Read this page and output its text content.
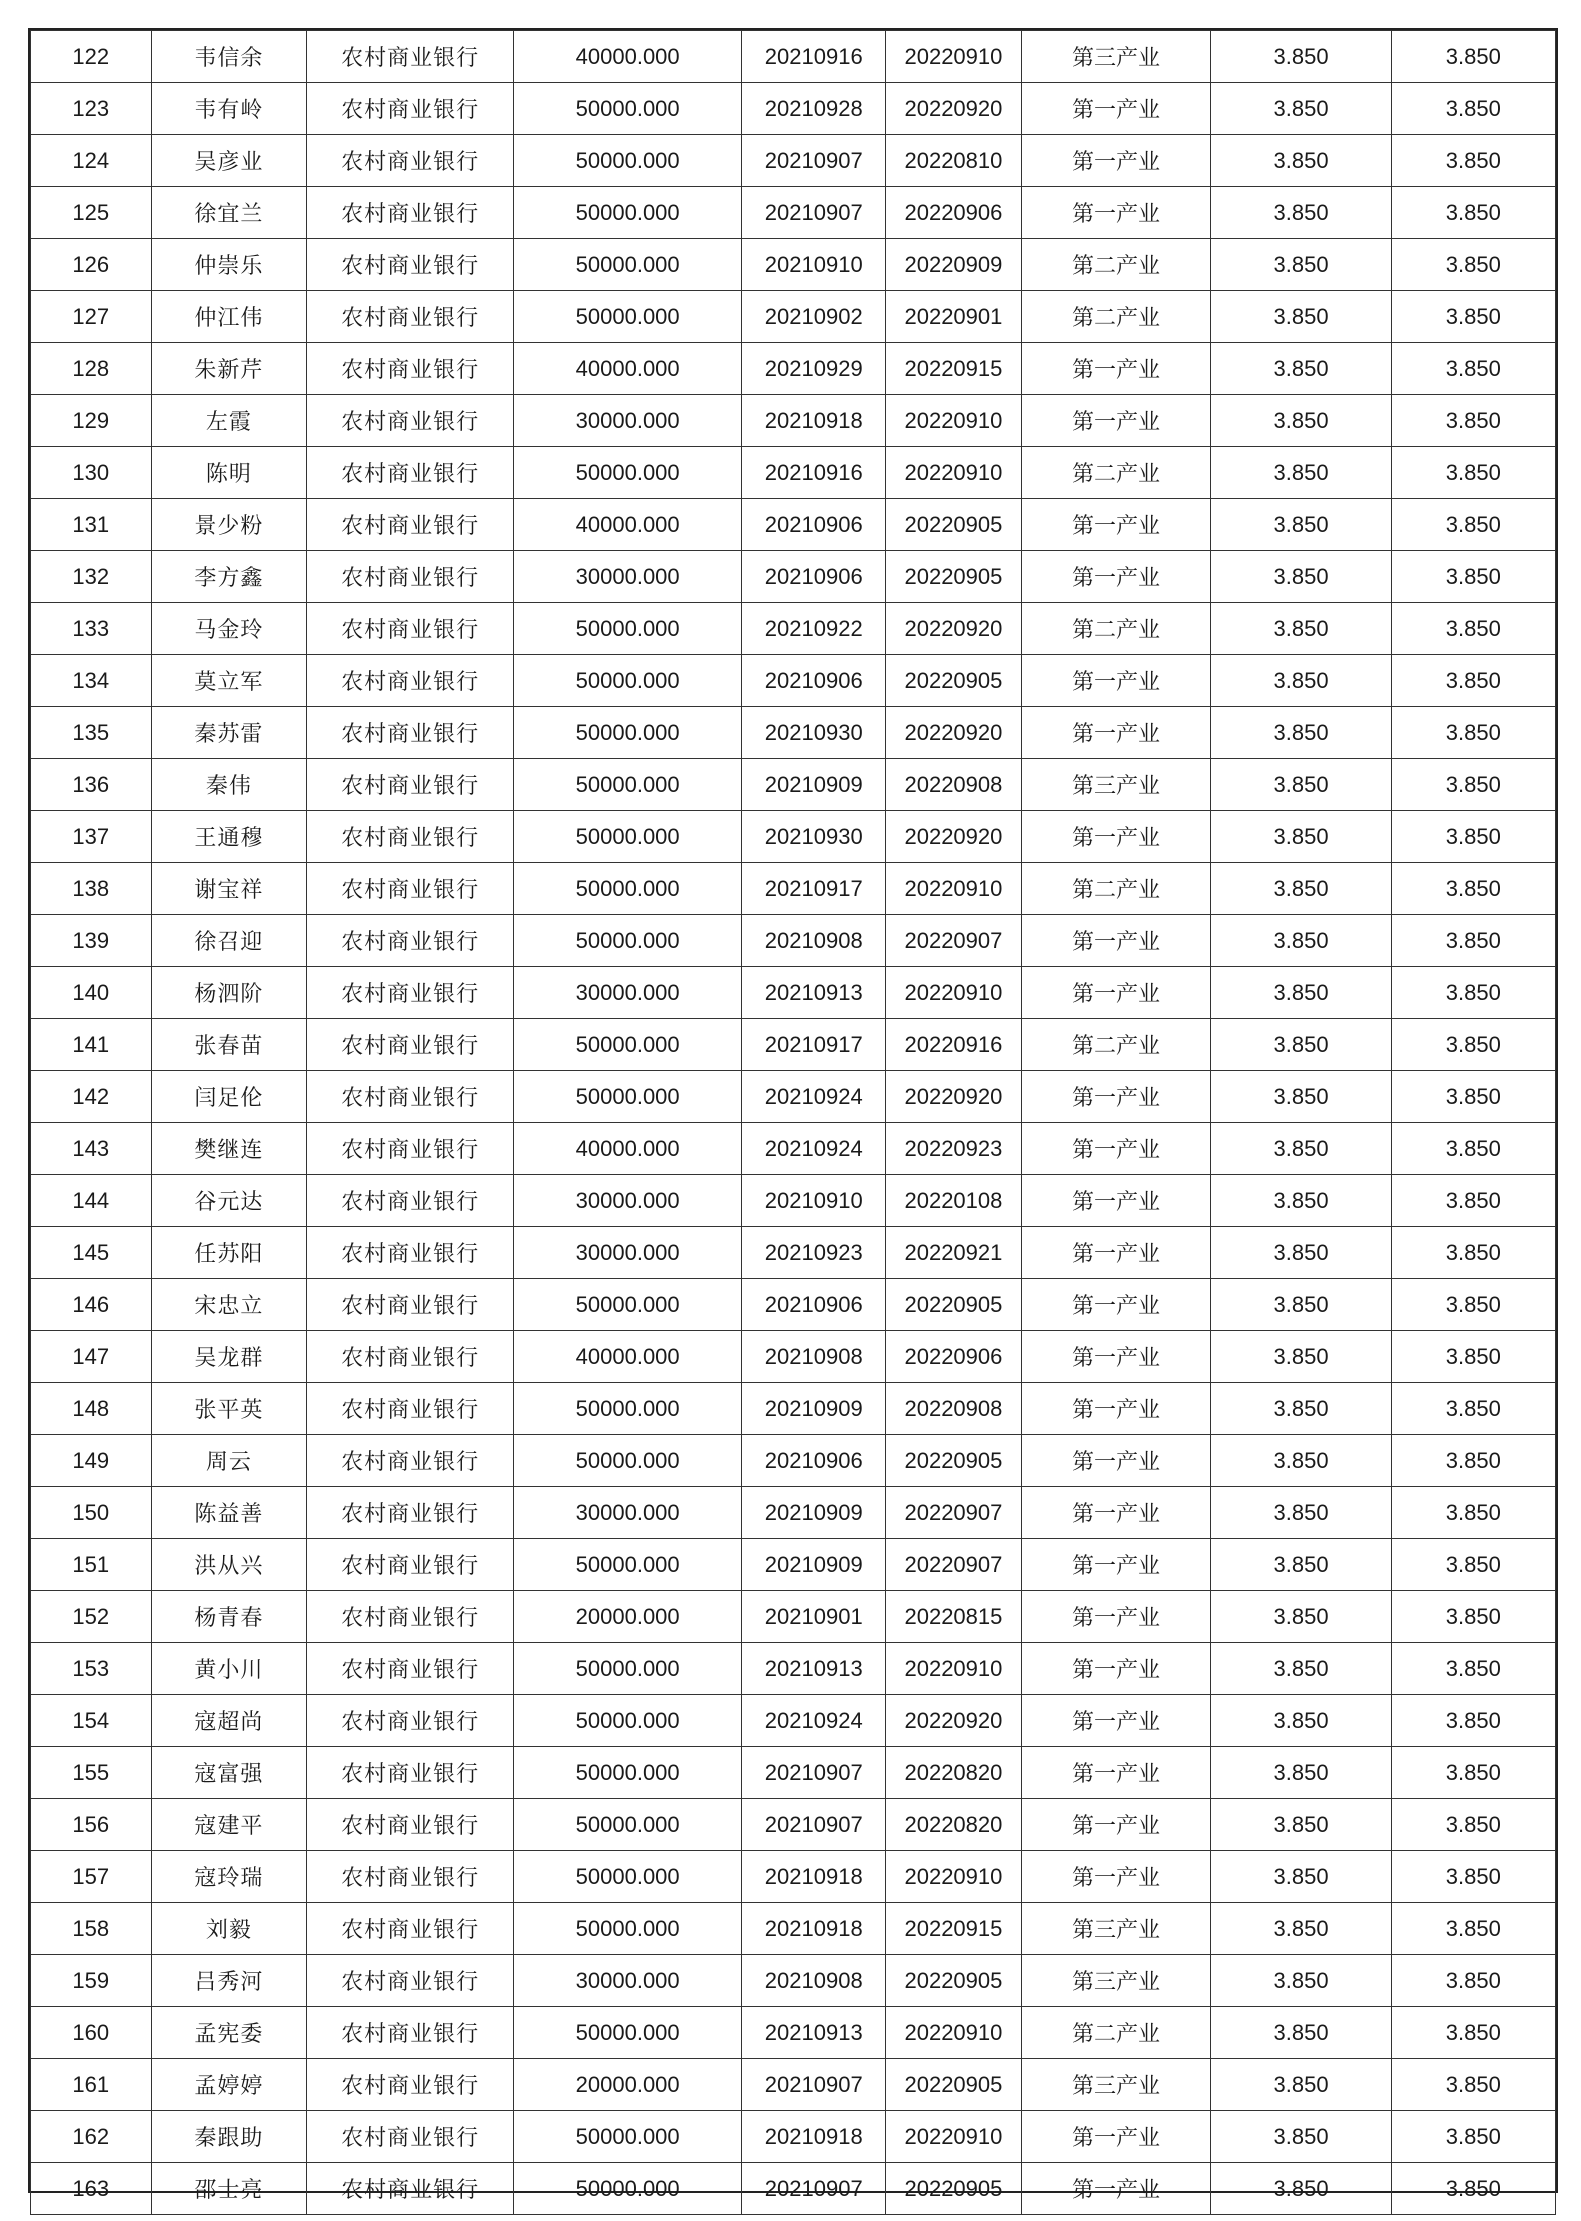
122	韦信余	农村商业银行	40000.000	20210916	20220910	第三产业	3.850	3.850
123	韦有岭	农村商业银行	50000.000	20210928	20220920	第一产业	3.850	3.850
124	吴彦业	农村商业银行	50000.000	20210907	20220810	第一产业	3.850	3.850
125	徐宜兰	农村商业银行	50000.000	20210907	20220906	第一产业	3.850	3.850
126	仲崇乐	农村商业银行	50000.000	20210910	20220909	第二产业	3.850	3.850
127	仲江伟	农村商业银行	50000.000	20210902	20220901	第二产业	3.850	3.850
128	朱新芹	农村商业银行	40000.000	20210929	20220915	第一产业	3.850	3.850
129	左霞	农村商业银行	30000.000	20210918	20220910	第一产业	3.850	3.850
130	陈明	农村商业银行	50000.000	20210916	20220910	第二产业	3.850	3.850
131	景少粉	农村商业银行	40000.000	20210906	20220905	第一产业	3.850	3.850
132	李方鑫	农村商业银行	30000.000	20210906	20220905	第一产业	3.850	3.850
133	马金玲	农村商业银行	50000.000	20210922	20220920	第二产业	3.850	3.850
134	莫立军	农村商业银行	50000.000	20210906	20220905	第一产业	3.850	3.850
135	秦苏雷	农村商业银行	50000.000	20210930	20220920	第一产业	3.850	3.850
136	秦伟	农村商业银行	50000.000	20210909	20220908	第三产业	3.850	3.850
137	王通穆	农村商业银行	50000.000	20210930	20220920	第一产业	3.850	3.850
138	谢宝祥	农村商业银行	50000.000	20210917	20220910	第二产业	3.850	3.850
139	徐召迎	农村商业银行	50000.000	20210908	20220907	第一产业	3.850	3.850
140	杨泗阶	农村商业银行	30000.000	20210913	20220910	第一产业	3.850	3.850
141	张春苗	农村商业银行	50000.000	20210917	20220916	第二产业	3.850	3.850
142	闫足伦	农村商业银行	50000.000	20210924	20220920	第一产业	3.850	3.850
143	樊继连	农村商业银行	40000.000	20210924	20220923	第一产业	3.850	3.850
144	谷元达	农村商业银行	30000.000	20210910	20220108	第一产业	3.850	3.850
145	任苏阳	农村商业银行	30000.000	20210923	20220921	第一产业	3.850	3.850
146	宋忠立	农村商业银行	50000.000	20210906	20220905	第一产业	3.850	3.850
147	吴龙群	农村商业银行	40000.000	20210908	20220906	第一产业	3.850	3.850
148	张平英	农村商业银行	50000.000	20210909	20220908	第一产业	3.850	3.850
149	周云	农村商业银行	50000.000	20210906	20220905	第一产业	3.850	3.850
150	陈益善	农村商业银行	30000.000	20210909	20220907	第一产业	3.850	3.850
151	洪从兴	农村商业银行	50000.000	20210909	20220907	第一产业	3.850	3.850
152	杨青春	农村商业银行	20000.000	20210901	20220815	第一产业	3.850	3.850
153	黄小川	农村商业银行	50000.000	20210913	20220910	第一产业	3.850	3.850
154	寇超尚	农村商业银行	50000.000	20210924	20220920	第一产业	3.850	3.850
155	寇富强	农村商业银行	50000.000	20210907	20220820	第一产业	3.850	3.850
156	寇建平	农村商业银行	50000.000	20210907	20220820	第一产业	3.850	3.850
157	寇玲瑞	农村商业银行	50000.000	20210918	20220910	第一产业	3.850	3.850
158	刘毅	农村商业银行	50000.000	20210918	20220915	第三产业	3.850	3.850
159	吕秀河	农村商业银行	30000.000	20210908	20220905	第三产业	3.850	3.850
160	孟宪委	农村商业银行	50000.000	20210913	20220910	第二产业	3.850	3.850
161	孟婷婷	农村商业银行	20000.000	20210907	20220905	第三产业	3.850	3.850
162	秦跟助	农村商业银行	50000.000	20210918	20220910	第一产业	3.850	3.850
163	邵士亮	农村商业银行	50000.000	20210907	20220905	第一产业	3.850	3.850
